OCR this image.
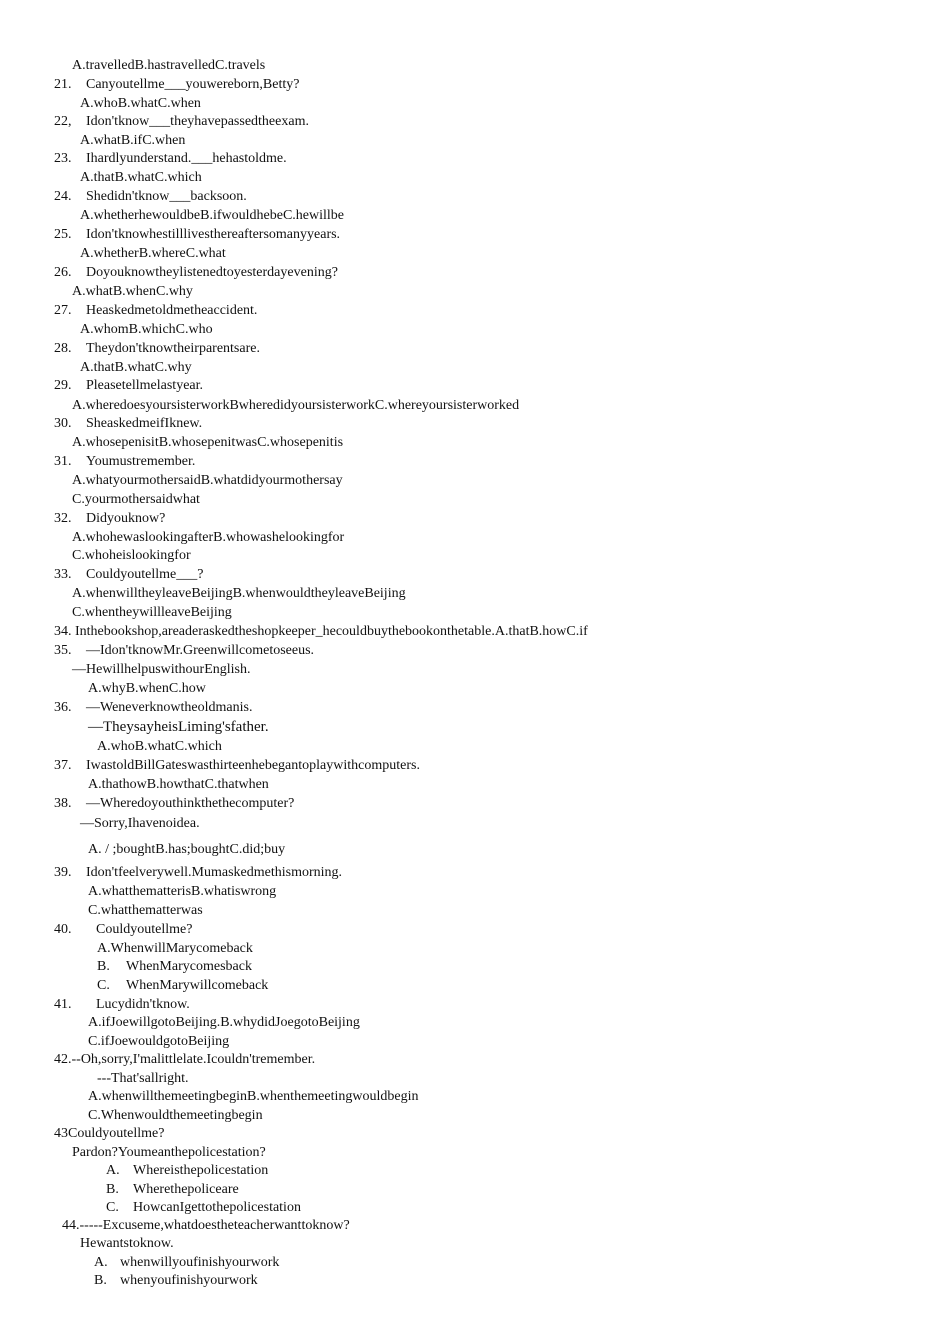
A.travelledB.hastravelledC.travels
21. Canyoutellme___youwereborn,Betty?
A.whoB.whatC.when
22, Idon'tknow___theyhavepassedtheexam.
A.whatB.ifC.when
23. Ihardlyunderstand.___hehastoldme.
A.thatB.whatC.which
24. Shedidn'tknow___backsoon.
A.whetherhewouldbeB.ifwouldhebeC.hewillbe
25. Idon'tknowhestilllivesthereaftersomanyyears.
A.whetherB.whereC.what
26. Doyouknowtheylistenedtoyesterdayevening?
A.whatB.whenC.why
27. Heaskedmetoldmetheaccident.
A.whomB.whichC.who
28. Theydon'tknowtheirparentsare.
A.thatB.whatC.why
29. Pleasetellmelastyear.
A.wheredoesyoursisterworkBwheredidyoursisterworkC.whereyoursisterworked
30. SheaskedmeifIknew.
A.whosepenisitB.whosepenitwasC.whosepenitis
31. Youmustremember.
A.whatyourmothersaidB.whatdidyourmothersay
C.yourmothersaidwhat
32. Didyouknow?
A.whohewaslookingafterB.whowashelookingfor
C.whoheislookingfor
33. Couldyoutellme___?
A.whenwilltheyleaveBeijingB.whenwouldtheyleaveBeijing
C.whentheywillleaveBeijing
34. Inthebookshop,areaderaskedtheshopkeeper_hecouldbuythebookonthetable.A.thatB.howC.if
35. —Idon'tknowMr.Greenwillcometoseeus.
—HewillhelpuswithourEnglish.
A.whyB.whenC.how
36. —Weneverknowtheoldmanis.
—TheysayheisLiming'sfather.
A.whoB.whatC.which
37. IwastoldBillGateswasthirteenhebegantoplaywithcomputers.
A.thathowB.howthatC.thatwhen
38. —Wheredoyouthinkthethecomputer?
—Sorry,Ihavenoidea.
A. / ;boughtB.has;boughtC.did;buy
39. Idon'tfeelverywell.Mumaskedmethismorning.
A.whatthematterisB.whatiswrong
C.whatthematterwas
40. Couldyoutellme?
A.WhenwillMarycomeback
B. WhenMarycomesback
C. WhenMarywillcomeback
41. Lucydidn'tknow.
A.ifJoewillgotoBeijing.B.whydidJoegotoBeijing
C.ifJoewouldgotoBeijing
42.--Oh,sorry,I'malittlelate.Icouldn'tremember.
---That'sallright.
A.whenwillthemeetingbeginB.whenthemeetingwouldbegin
C.Whenwouldthemeetingbegin
43Couldyoutellme?
Pardon?Youmeanthepolicestation?
A. Whereisthepolicestation
B. Wherethepoliceare
C. HowcanIgettothepolicestation
44.-----Excuseme,whatdoestheteacherwanttoknow?
Hewantstoknow.
A. whenwillyoufinishyourwork
B. whenyoufinishyourwork
